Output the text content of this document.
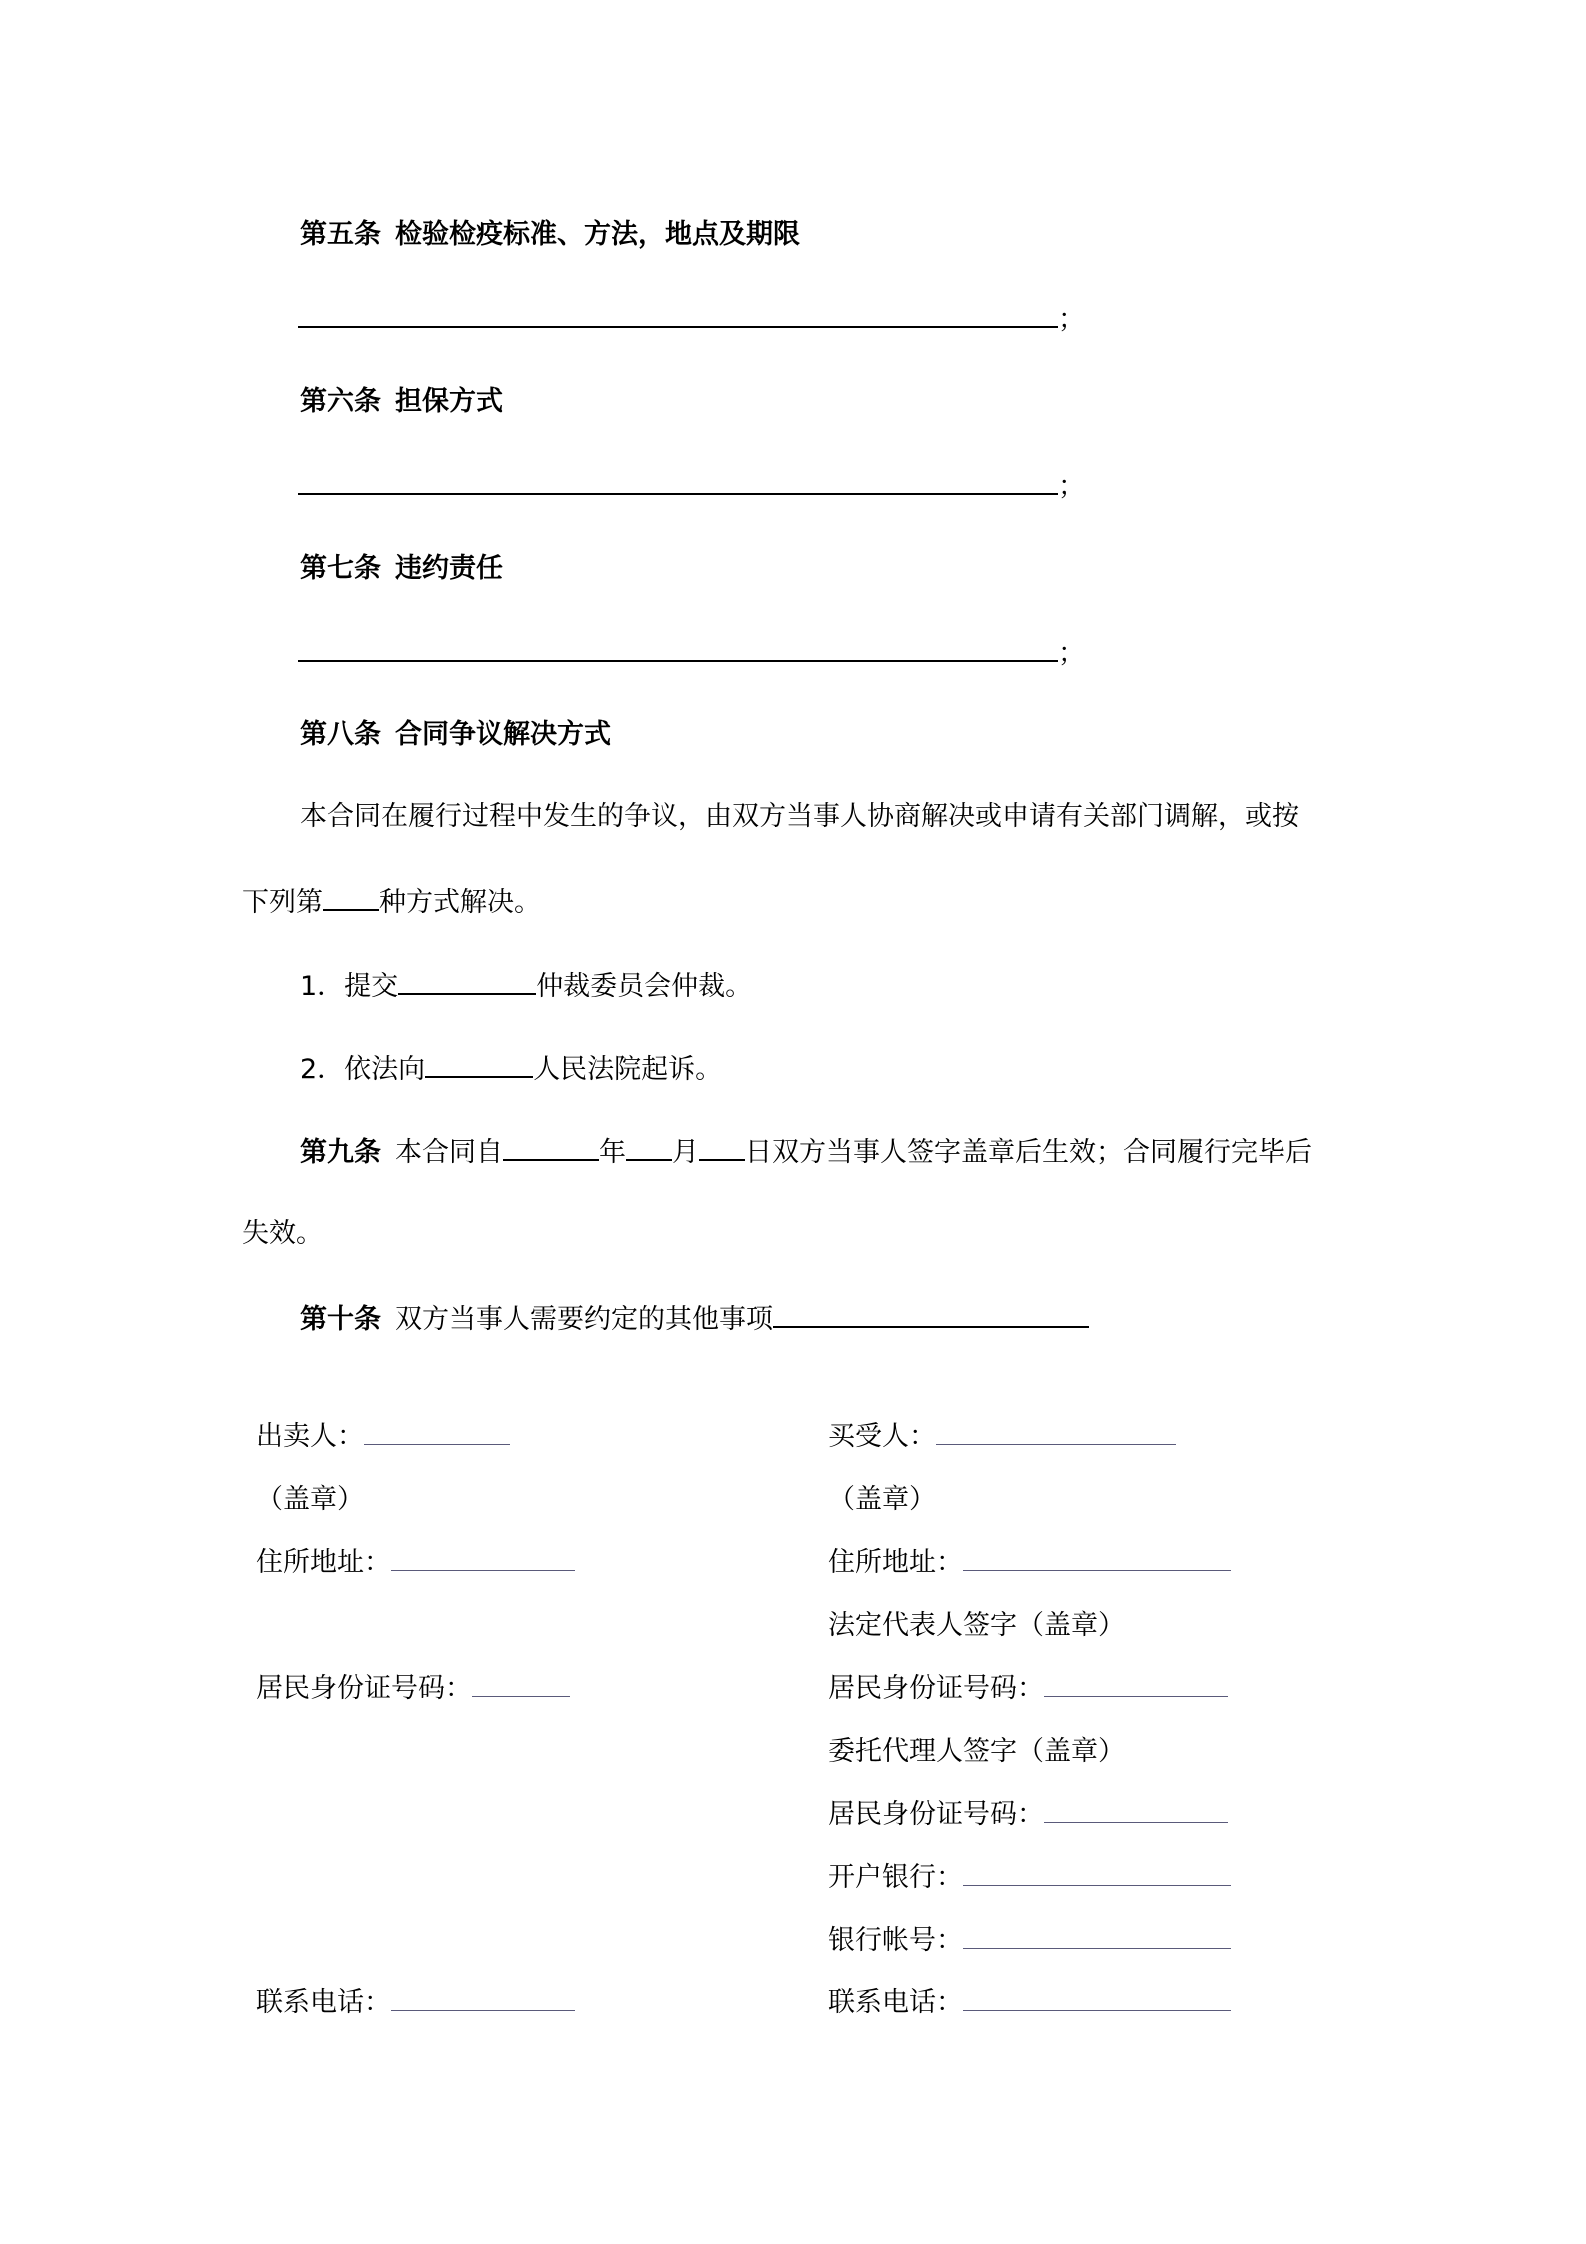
第五条 检验检疫标准、方法，地点及期限
；
第六条 担保方式
；
第七条 违约责任
；
第八条 合同争议解决方式
本合同在履行过程中发生的争议，由双方当事人协商解决或申请有关部门调解，或按
下列第 种方式解决。
1．提交	仲裁委员会仲裁。
2．依法向	人民法院起诉。
第九条 本合同自	年 月 日双方当事人签字盖章后生效；合同履行完毕后
失效。
第十条 双方当事人需要约定的其他事项
出卖人：
（盖章）
住所地址：
居民身份证号码：
联系电话：
买受人：
（盖章）
住所地址：
法定代表人签字（盖章）
居民身份证号码：
委托代理人签字（盖章）
居民身份证号码：
开户银行：
银行帐号：
联系电话：
